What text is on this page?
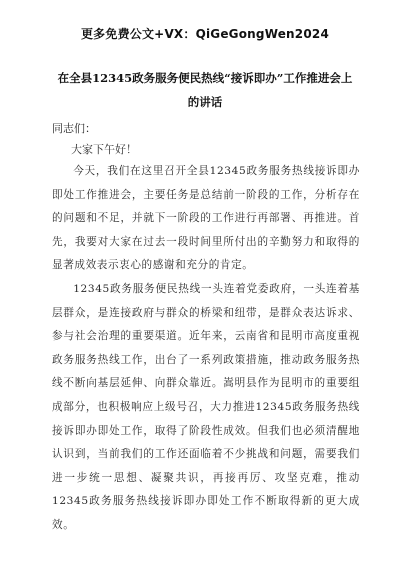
更多免费公文+VX：QiGeGongWen2024
在全县12345政务服务便民热线“接诉即办”工作推进会上的讲话
同志们：
大家下午好！
今天，我们在这里召开全县12345政务服务热线接诉即办即处工作推进会，主要任务是总结前一阶段的工作，分析存在的问题和不足，并就下一阶段的工作进行再部署、再推进。首先，我要对大家在过去一段时间里所付出的辛勤努力和取得的显著成效表示衷心的感谢和充分的肯定。
12345政务服务便民热线一头连着党委政府，一头连着基层群众，是连接政府与群众的桥梁和纽带，是群众表达诉求、参与社会治理的重要渠道。近年来，云南省和昆明市高度重视政务服务热线工作，出台了一系列政策措施，推动政务服务热线不断向基层延伸、向群众靠近。嵩明县作为昆明市的重要组成部分，也积极响应上级号召，大力推进12345政务服务热线接诉即办即处工作，取得了阶段性成效。但我们也必须清醒地认识到，当前我们的工作还面临着不少挑战和问题，需要我们进一步统一思想、凝聚共识，再接再厉、攻坚克难，推动12345政务服务热线接诉即办即处工作不断取得新的更大成效。
